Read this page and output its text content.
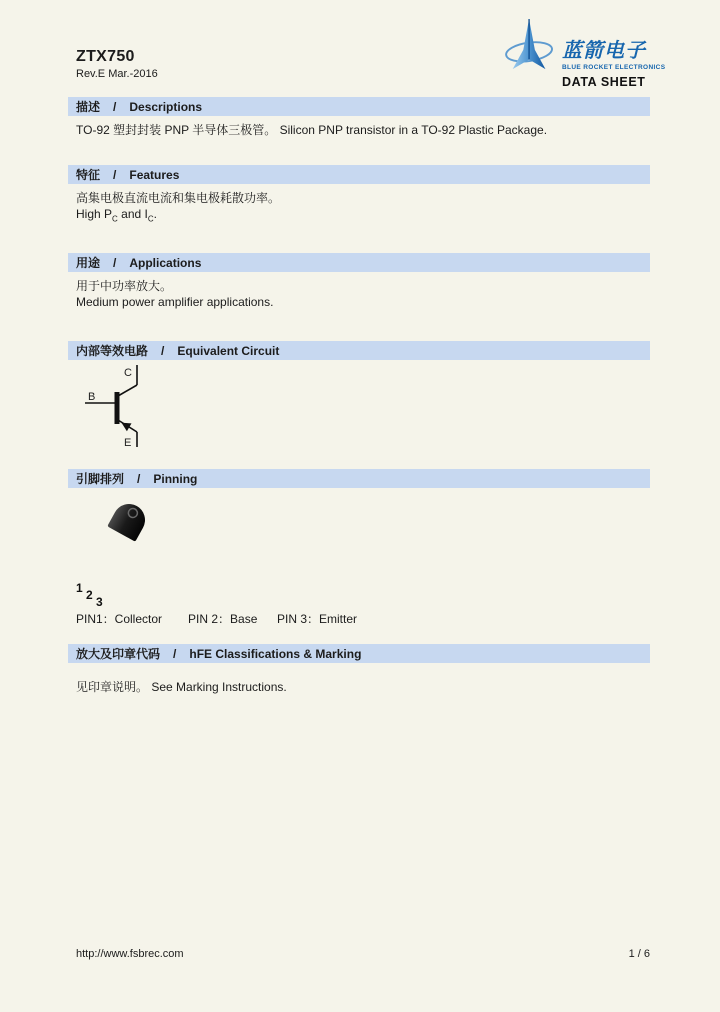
ZTX750
Rev.E Mar.-2016
蓝箭电子
BLUE ROCKET ELECTRONICS
DATA SHEET
描述 / Descriptions

TO-92 塑封封装 PNP 半导体三极管。 Silicon PNP transistor in a TO-92 Plastic Package.

特征 / Features

高集电极直流电流和集电极耗散功率。

High $P_C$ and $I_C$.

用途 / Applications

用于中功率放大。

Medium power amplifier applications.

内部等效电路 / Equivalent Circuit
B
C
E
引脚排列 / Pinning
1 2 3
PIN1：Collector PIN 2：Base PIN 3：Emitter
放大及印章代码 / hFE Classifications & Marking

见印章说明。 See Marking Instructions.

http://www.fsbrec.com	1 / 6
